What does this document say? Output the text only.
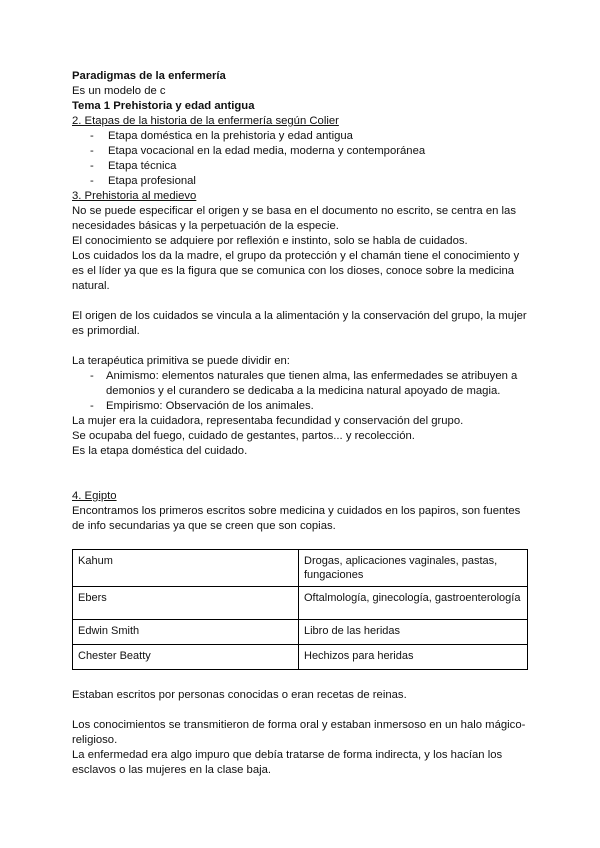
Paradigmas de la enfermería
Es un modelo de c
Tema 1 Prehistoria y edad antigua
2. Etapas de la historia de la enfermería según Colier
- Etapa doméstica en la prehistoria y edad antigua
- Etapa vocacional en la edad media, moderna y contemporánea
- Etapa técnica
- Etapa profesional
3. Prehistoria al medievo
No se puede especificar el origen y se basa en el documento no escrito, se centra en las necesidades básicas y la perpetuación de la especie.
El conocimiento se adquiere por reflexión e instinto, solo se habla de cuidados.
Los cuidados los da la madre, el grupo da protección y el chamán tiene el conocimiento y es el líder ya que es la figura que se comunica con los dioses, conoce sobre la medicina natural.
El origen de los cuidados se vincula a la alimentación y la conservación del grupo, la mujer es primordial.
La terapéutica primitiva se puede dividir en:
- Animismo: elementos naturales que tienen alma, las enfermedades se atribuyen a demonios y el curandero se dedicaba a la medicina natural apoyado de magia.
- Empirismo: Observación de los animales.
La mujer era la cuidadora, representaba fecundidad y conservación del grupo.
Se ocupaba del fuego, cuidado de gestantes, partos... y recolección.
Es la etapa doméstica del cuidado.
4. Egipto
Encontramos los primeros escritos sobre medicina y cuidados en los papiros, son fuentes de info secundarias ya que se creen que son copias.
Kahum	Drogas, aplicaciones vaginales, pastas, fungaciones
Ebers	Oftalmología, ginecología, gastroenterología
Edwin Smith	Libro de las heridas
Chester Beatty	Hechizos para heridas
Estaban escritos por personas conocidas o eran recetas de reinas.
Los conocimientos se transmitieron de forma oral y estaban inmersoso en un halo mágico-religioso.
La enfermedad era algo impuro que debía tratarse de forma indirecta, y los hacían los esclavos o las mujeres en la clase baja.
